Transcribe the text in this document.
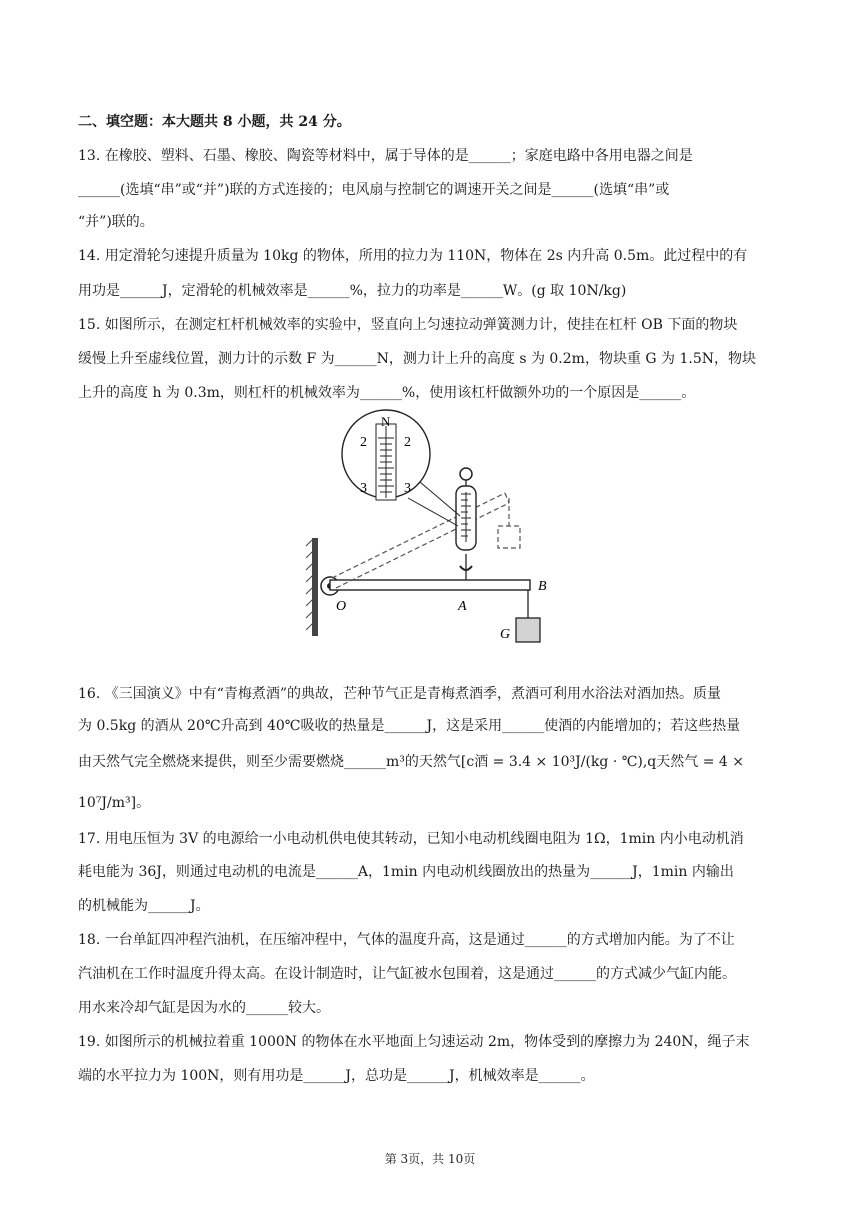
二、填空题：本大题共 8 小题，共 24 分。
13. 在橡胶、塑料、石墨、橡胶、陶瓷等材料中，属于导体的是______；家庭电路中各用电器之间是
______(选填“串”或“并”)联的方式连接的；电风扇与控制它的调速开关之间是______(选填“串”或
“并”)联的。
14. 用定滑轮匀速提升质量为 10kg 的物体，所用的拉力为 110N，物体在 2s 内升高 0.5m。此过程中的有
用功是______J，定滑轮的机械效率是______%，拉力的功率是______W。(g 取 10N/kg)
15. 如图所示，在测定杠杆机械效率的实验中，竖直向上匀速拉动弹簧测力计，使挂在杠杆 OB 下面的物块
缓慢上升至虚线位置，测力计的示数 F 为______N，测力计上升的高度 s 为 0.2m，物块重 G 为 1.5N，物块
上升的高度 h 为 0.3m，则杠杆的机械效率为______%，使用该杠杆做额外功的一个原因是______。
N
2	2
3	3
O	A
B
G
16. 《三国演义》中有“青梅煮酒”的典故，芒种节气正是青梅煮酒季，煮酒可利用水浴法对酒加热。质量
为 0.5kg 的酒从 20℃升高到 40℃吸收的热量是______J，这是采用______使酒的内能增加的；若这些热量
由天然气完全燃烧来提供，则至少需要燃烧______m³的天然气[c酒 = 3.4 × 10³J/(kg · ℃),q天然气 = 4 ×
10⁷J/m³]。
17. 用电压恒为 3V 的电源给一小电动机供电使其转动，已知小电动机线圈电阻为 1Ω，1min 内小电动机消
耗电能为 36J，则通过电动机的电流是______A，1min 内电动机线圈放出的热量为______J，1min 内输出
的机械能为______J。
18. 一台单缸四冲程汽油机，在压缩冲程中，气体的温度升高，这是通过______的方式增加内能。为了不让
汽油机在工作时温度升得太高。在设计制造时，让气缸被水包围着，这是通过______的方式减少气缸内能。
用水来冷却气缸是因为水的______较大。
19. 如图所示的机械拉着重 1000N 的物体在水平地面上匀速运动 2m，物体受到的摩擦力为 240N，绳子末
端的水平拉力为 100N，则有用功是______J，总功是______J，机械效率是______。
第 3页，共 10页
